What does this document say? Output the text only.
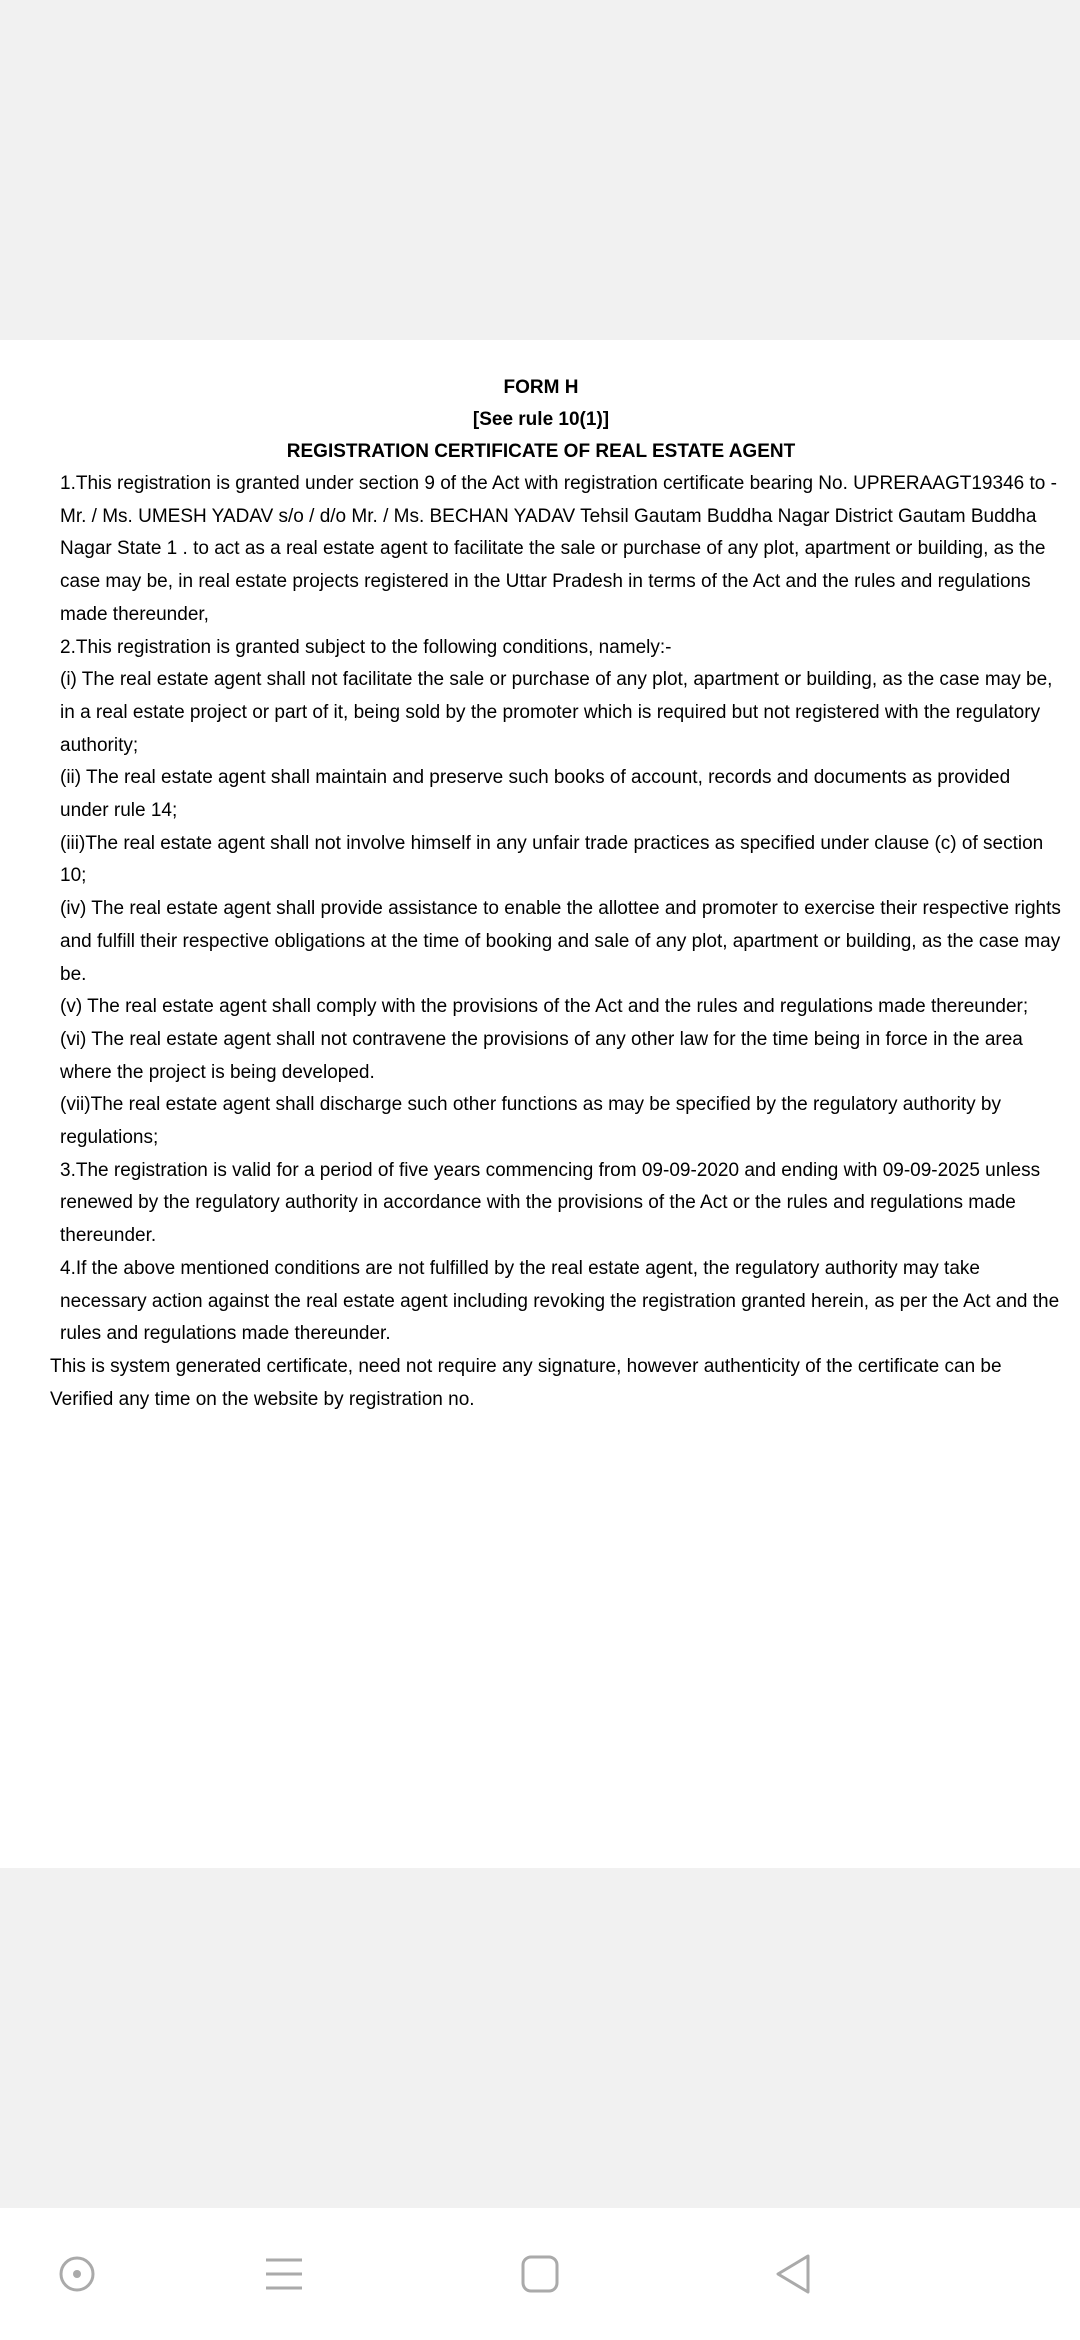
FORM H
[See rule 10(1)]
REGISTRATION CERTIFICATE OF REAL ESTATE AGENT

1.This registration is granted under section 9 of the Act with registration certificate bearing No. UPRERAAGT19346 to - Mr. / Ms. UMESH YADAV s/o / d/o Mr. / Ms. BECHAN YADAV Tehsil Gautam Buddha Nagar District Gautam Buddha Nagar State 1 . to act as a real estate agent to facilitate the sale or purchase of any plot, apartment or building, as the case may be, in real estate projects registered in the Uttar Pradesh in terms of the Act and the rules and regulations made thereunder,

2.This registration is granted subject to the following conditions, namely:-

(i) The real estate agent shall not facilitate the sale or purchase of any plot, apartment or building, as the case may be, in a real estate project or part of it, being sold by the promoter which is required but not registered with the regulatory authority;

(ii) The real estate agent shall maintain and preserve such books of account, records and documents as provided under rule 14;

(iii)The real estate agent shall not involve himself in any unfair trade practices as specified under clause (c) of section 10;

(iv) The real estate agent shall provide assistance to enable the allottee and promoter to exercise their respective rights and fulfill their respective obligations at the time of booking and sale of any plot, apartment or building, as the case may be.

(v) The real estate agent shall comply with the provisions of the Act and the rules and regulations made thereunder;

(vi) The real estate agent shall not contravene the provisions of any other law for the time being in force in the area where the project is being developed.

(vii)The real estate agent shall discharge such other functions as may be specified by the regulatory authority by regulations;

3.The registration is valid for a period of five years commencing from 09-09-2020 and ending with 09-09-2025 unless renewed by the regulatory authority in accordance with the provisions of the Act or the rules and regulations made thereunder.

4.If the above mentioned conditions are not fulfilled by the real estate agent, the regulatory authority may take necessary action against the real estate agent including revoking the registration granted herein, as per the Act and the rules and regulations made thereunder.

This is system generated certificate, need not require any signature, however authenticity of the certificate can be Verified any time on the website by registration no.
